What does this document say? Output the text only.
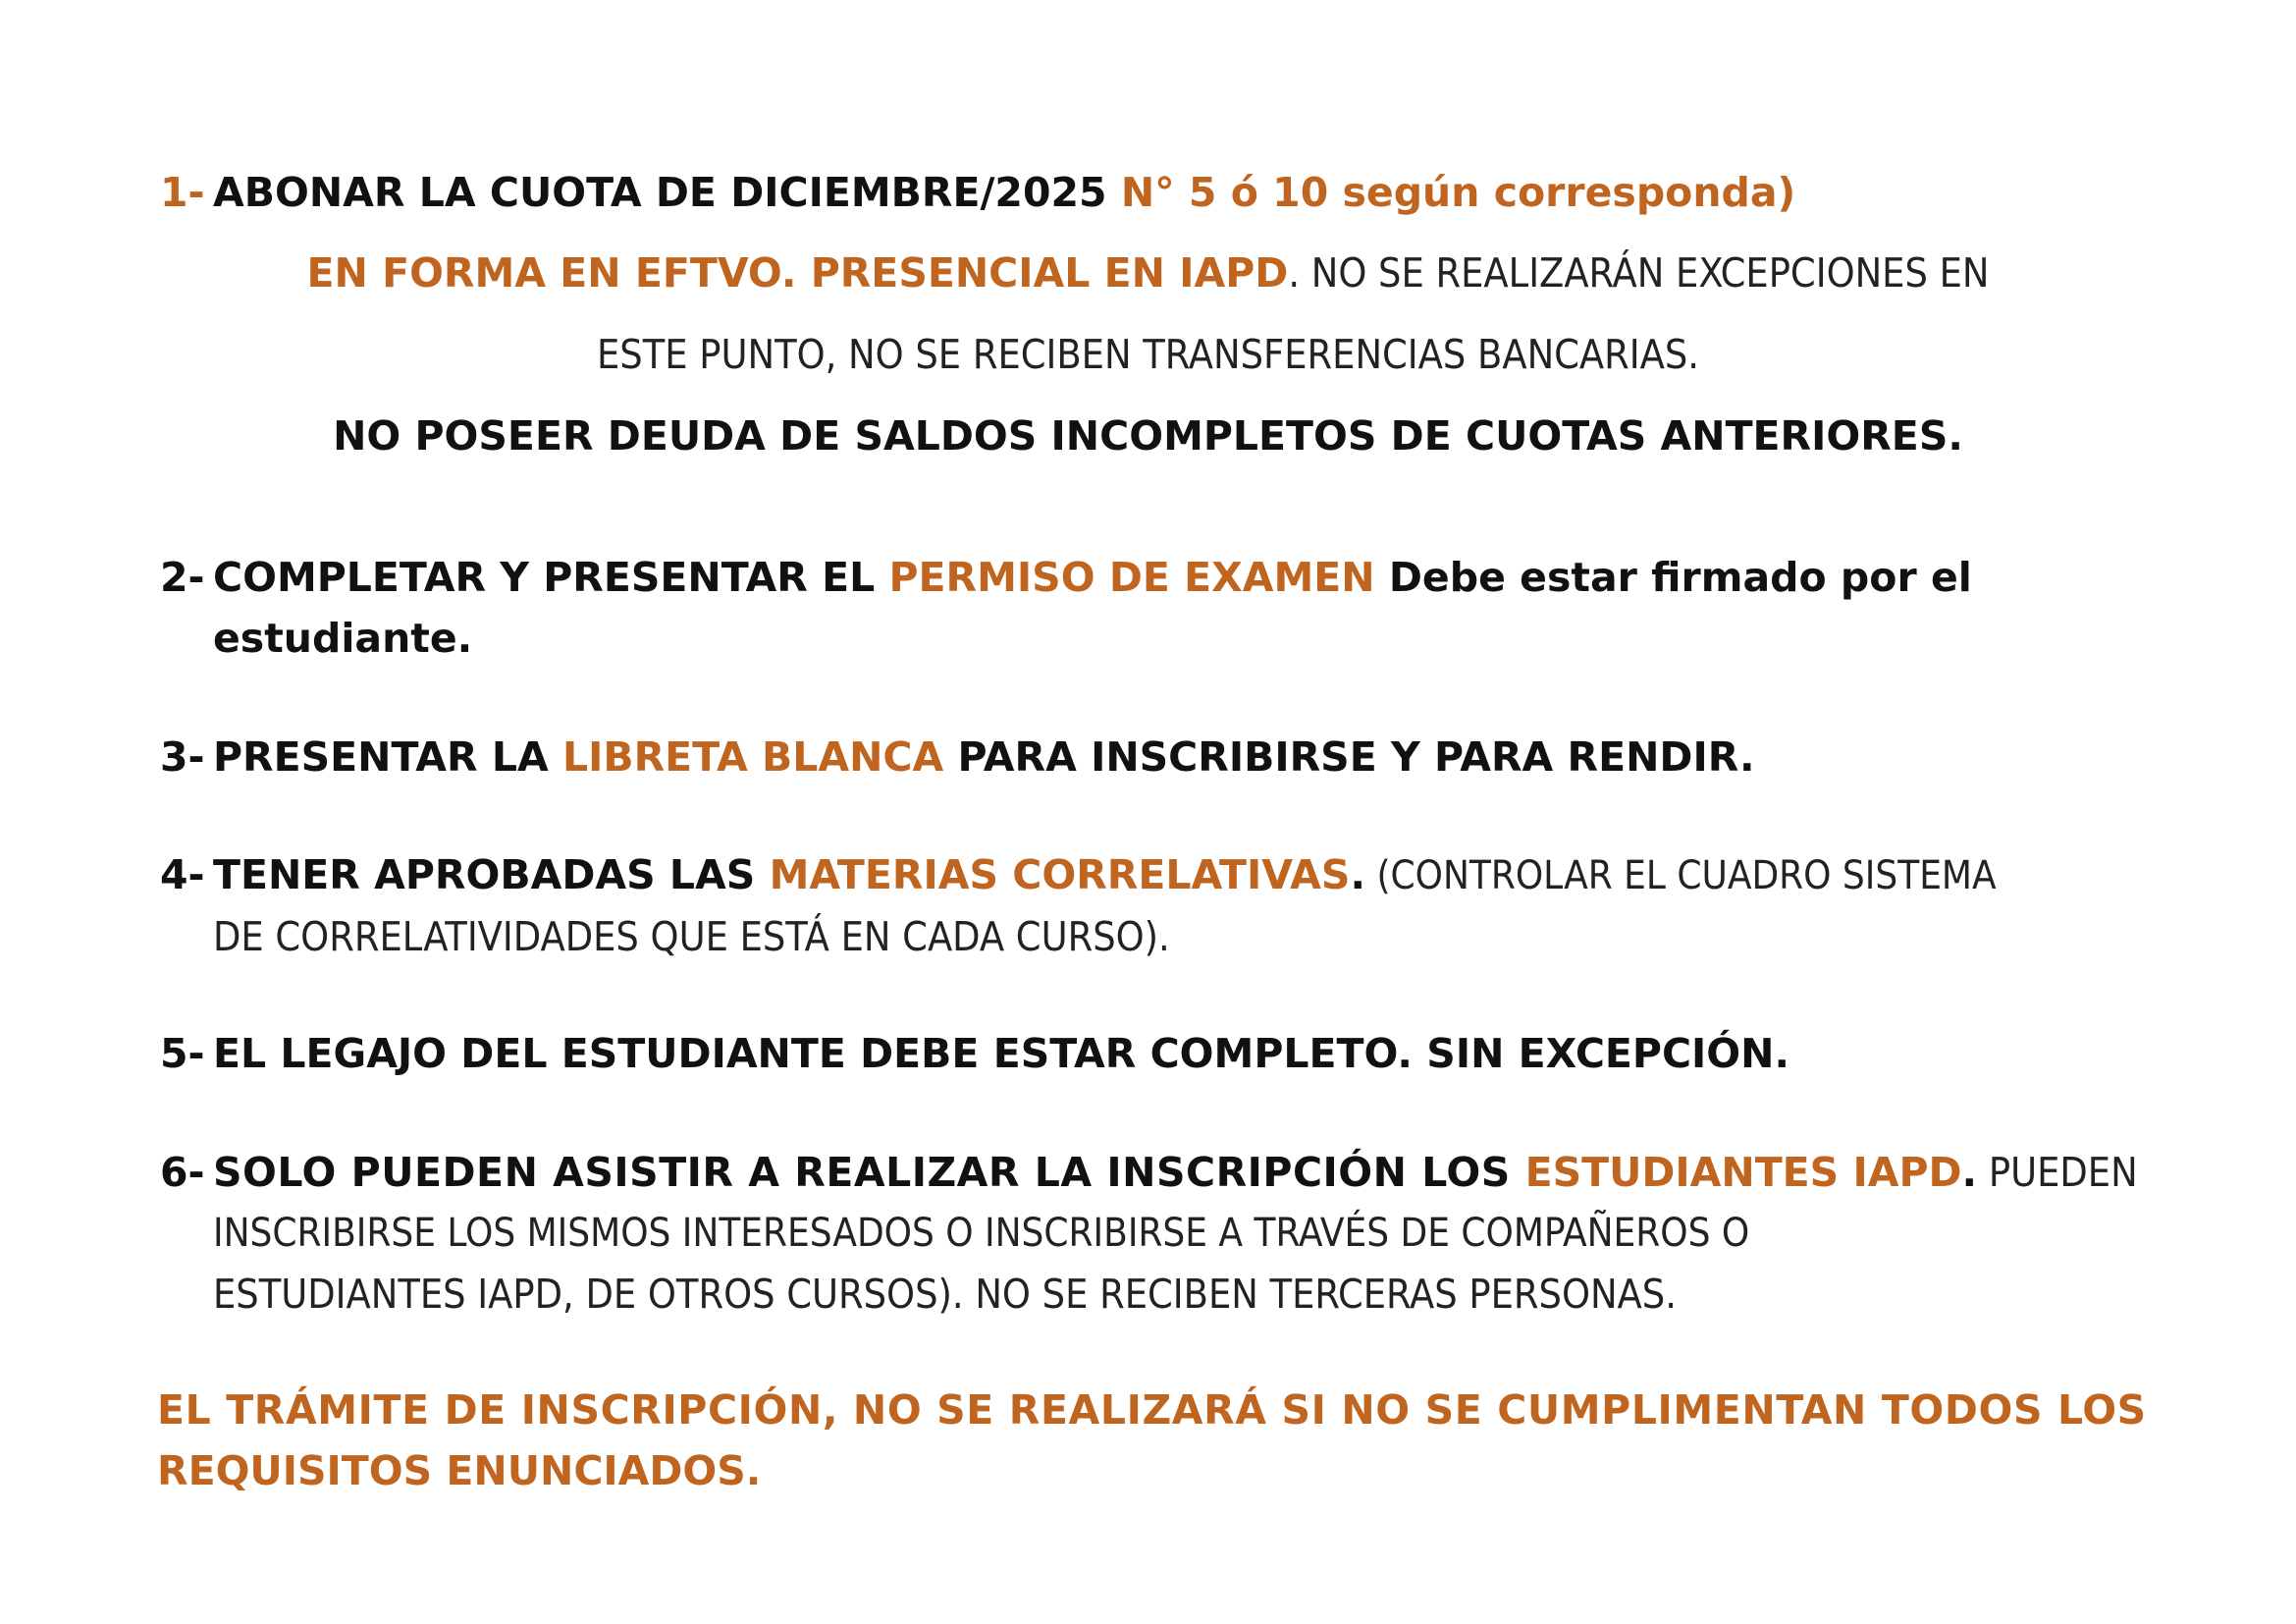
1- ABONAR LA CUOTA DE DICIEMBRE/2025 N° 5 ó 10 según corresponda)
EN FORMA EN EFTVO. PRESENCIAL EN IAPD. NO SE REALIZARÁN EXCEPCIONES EN
ESTE PUNTO, NO SE RECIBEN TRANSFERENCIAS BANCARIAS.
NO POSEER DEUDA DE SALDOS INCOMPLETOS DE CUOTAS ANTERIORES.
2- COMPLETAR Y PRESENTAR EL PERMISO DE EXAMEN Debe estar firmado por el
estudiante.
3- PRESENTAR LA LIBRETA BLANCA PARA INSCRIBIRSE Y PARA RENDIR.
4- TENER APROBADAS LAS MATERIAS CORRELATIVAS. (CONTROLAR EL CUADRO SISTEMA
DE CORRELATIVIDADES QUE ESTÁ EN CADA CURSO).
5- EL LEGAJO DEL ESTUDIANTE DEBE ESTAR COMPLETO. SIN EXCEPCIÓN.
6- SOLO PUEDEN ASISTIR A REALIZAR LA INSCRIPCIÓN LOS ESTUDIANTES IAPD. PUEDEN
INSCRIBIRSE LOS MISMOS INTERESADOS O INSCRIBIRSE A TRAVÉS DE COMPAÑEROS O
ESTUDIANTES IAPD, DE OTROS CURSOS). NO SE RECIBEN TERCERAS PERSONAS.
EL TRÁMITE DE INSCRIPCIÓN, NO SE REALIZARÁ SI NO SE CUMPLIMENTAN TODOS LOS
REQUISITOS ENUNCIADOS.
